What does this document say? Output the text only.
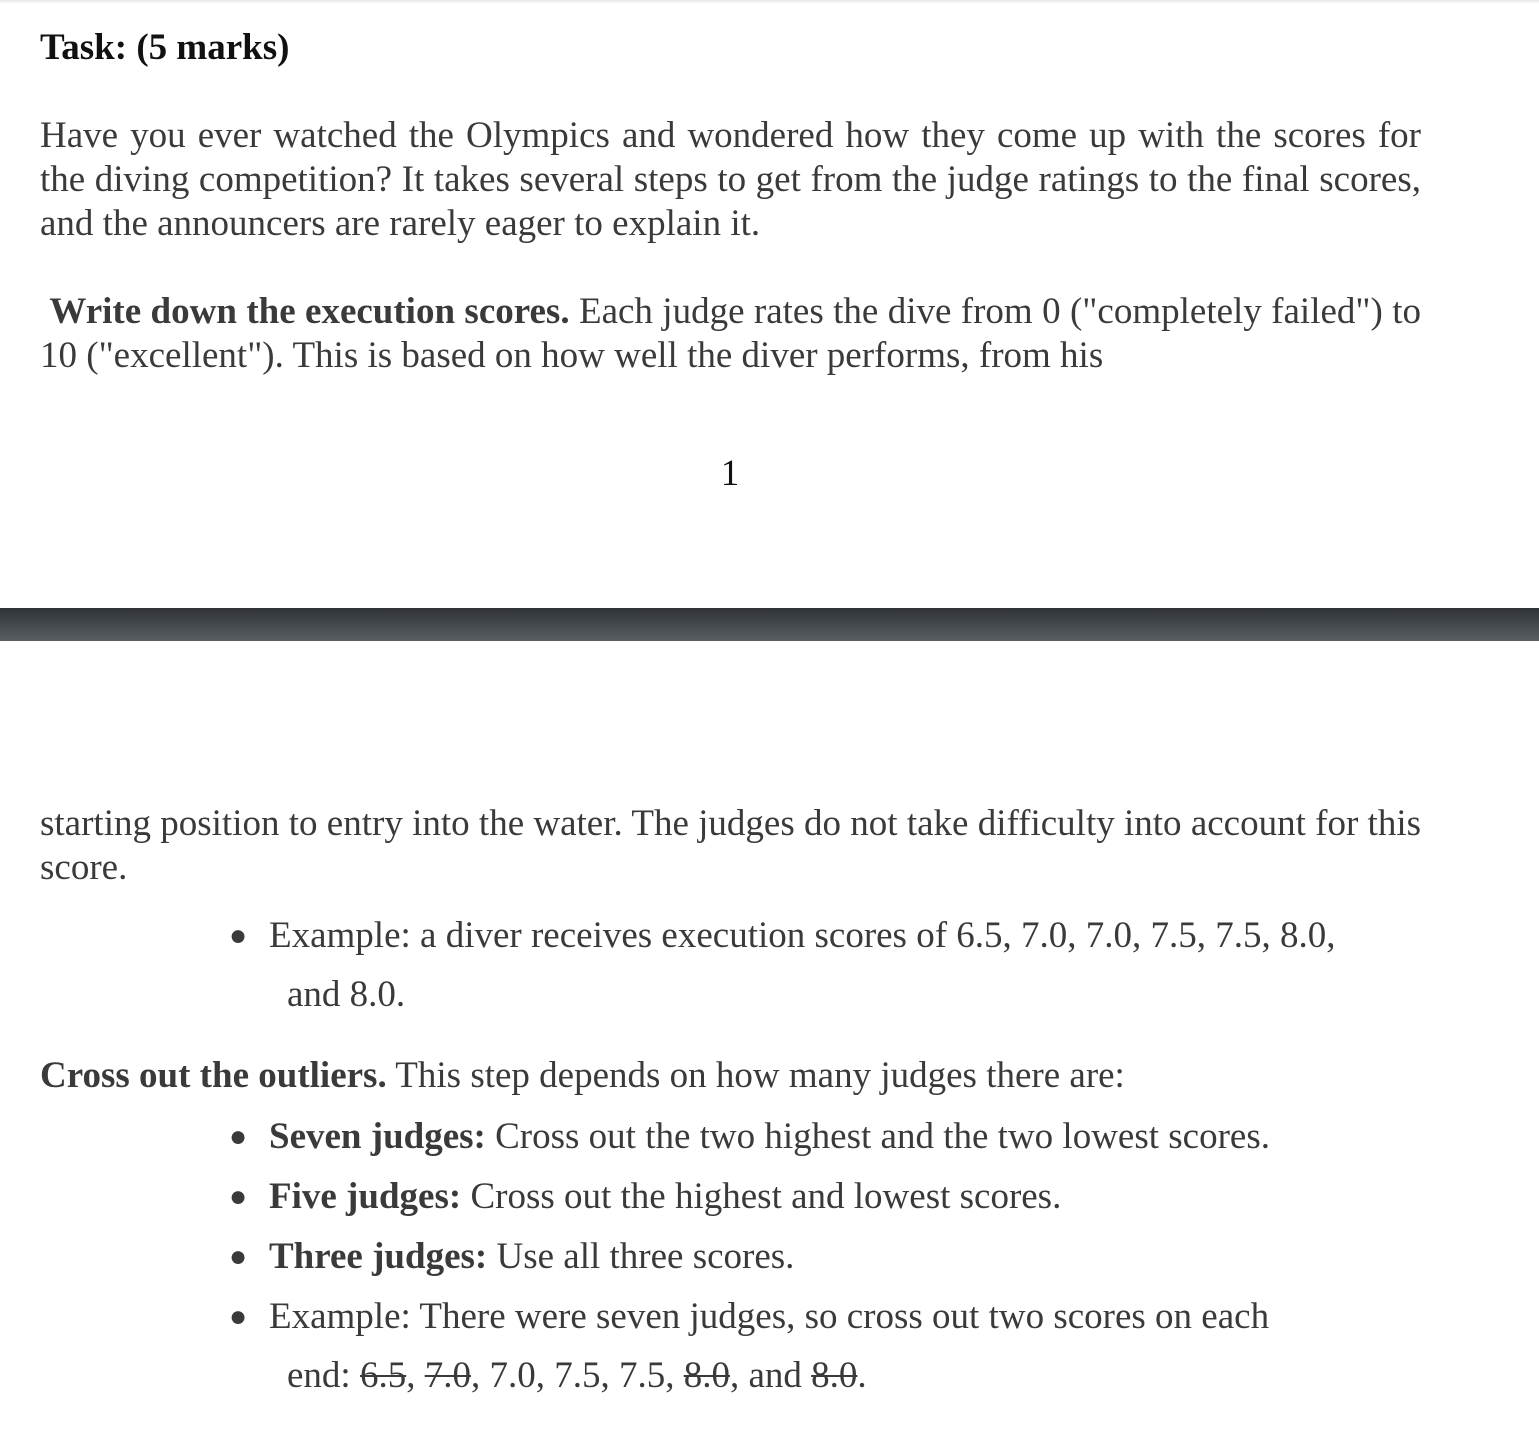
Task: (5 marks)

Have you ever watched the Olympics and wondered how they come up with the scores for the diving competition? It takes several steps to get from the judge ratings to the final scores, and the announcers are rarely eager to explain it.

Write down the execution scores. Each judge rates the dive from 0 ("completely failed") to 10 ("excellent"). This is based on how well the diver performs, from his

1

starting position to entry into the water. The judges do not take difficulty into account for this score.

● Example: a diver receives execution scores of 6.5, 7.0, 7.0, 7.5, 7.5, 8.0,
and 8.0.

Cross out the outliers. This step depends on how many judges there are:

● Seven judges: Cross out the two highest and the two lowest scores.
● Five judges: Cross out the highest and lowest scores.
● Three judges: Use all three scores.
● Example: There were seven judges, so cross out two scores on each
end: 6.5, 7.0, 7.0, 7.5, 7.5, 8.0, and 8.0.
